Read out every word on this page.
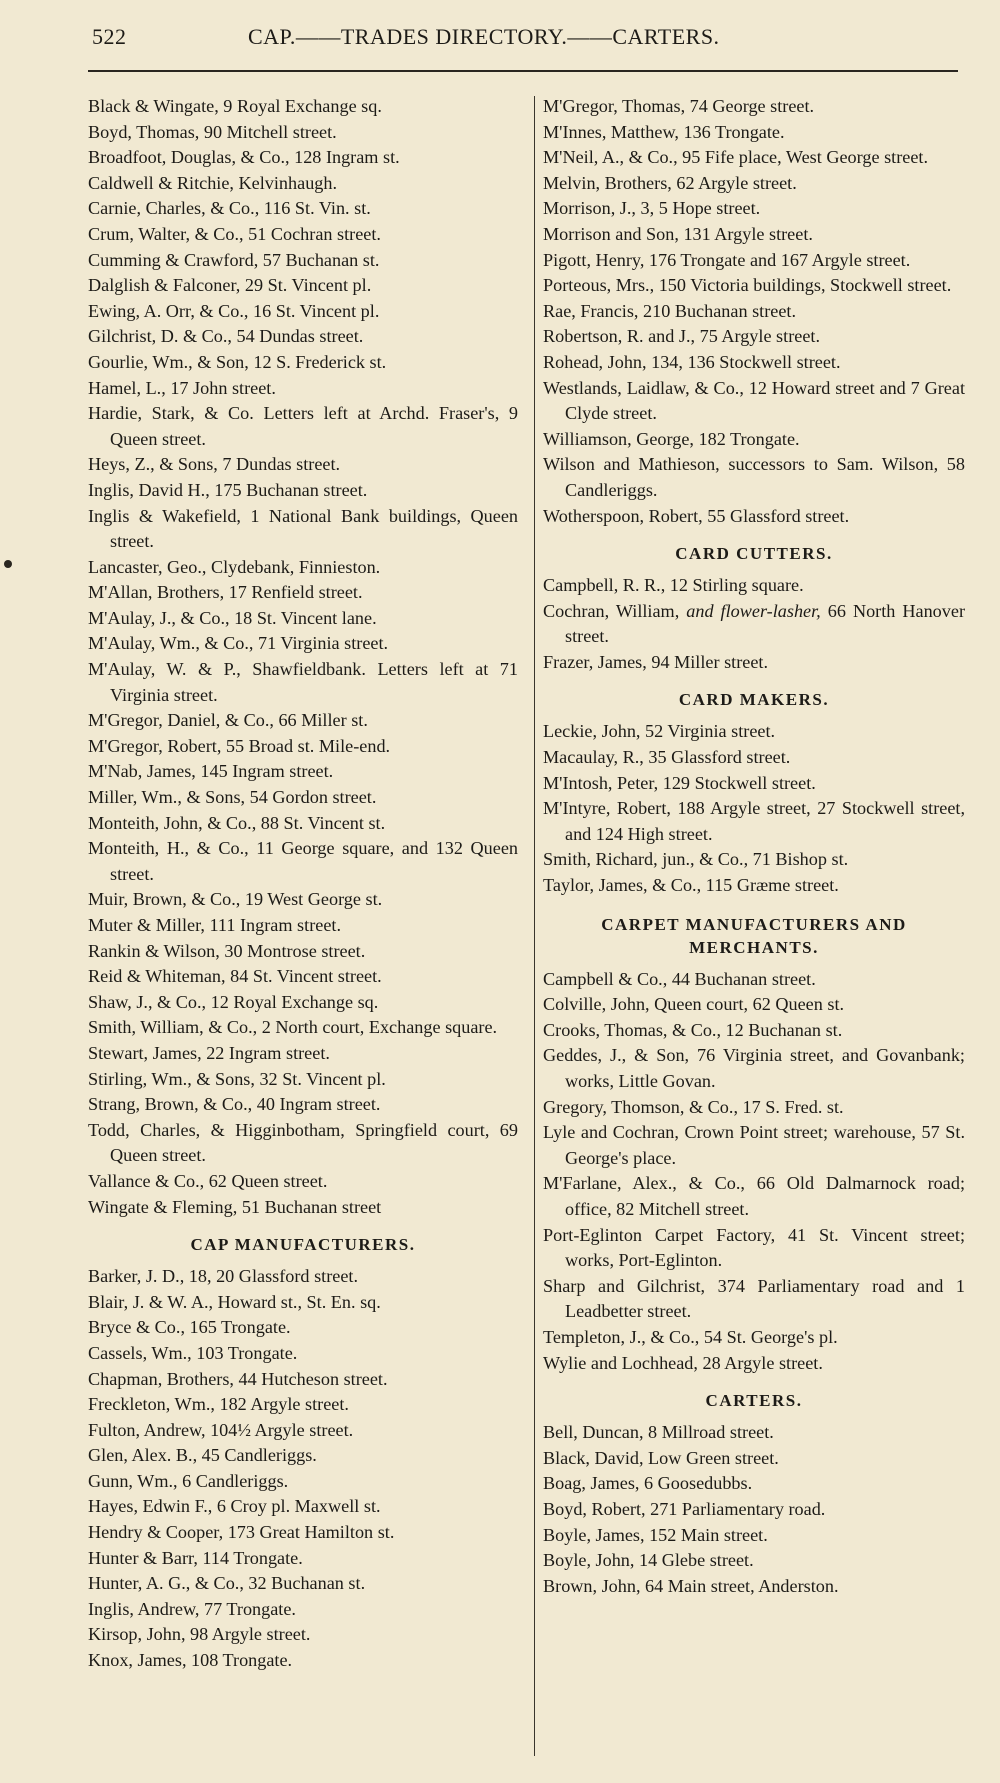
522	CAP.——TRADES DIRECTORY.——CARTERS.

Black & Wingate, 9 Royal Exchange sq.

Boyd, Thomas, 90 Mitchell street.

Broadfoot, Douglas, & Co., 128 Ingram st.

Caldwell & Ritchie, Kelvinhaugh.

Carnie, Charles, & Co., 116 St. Vin. st.

Crum, Walter, & Co., 51 Cochran street.

Cumming & Crawford, 57 Buchanan st.

Dalglish & Falconer, 29 St. Vincent pl.

Ewing, A. Orr, & Co., 16 St. Vincent pl.

Gilchrist, D. & Co., 54 Dundas street.

Gourlie, Wm., & Son, 12 S. Frederick st.

Hamel, L., 17 John street.

Hardie, Stark, & Co. Letters left at Archd. Fraser's, 9 Queen street.

Heys, Z., & Sons, 7 Dundas street.

Inglis, David H., 175 Buchanan street.

Inglis & Wakefield, 1 National Bank buildings, Queen street.

Lancaster, Geo., Clydebank, Finnieston.

M'Allan, Brothers, 17 Renfield street.

M'Aulay, J., & Co., 18 St. Vincent lane.

M'Aulay, Wm., & Co., 71 Virginia street.

M'Aulay, W. & P., Shawfieldbank. Letters left at 71 Virginia street.

M'Gregor, Daniel, & Co., 66 Miller st.

M'Gregor, Robert, 55 Broad st. Mile-end.

M'Nab, James, 145 Ingram street.

Miller, Wm., & Sons, 54 Gordon street.

Monteith, John, & Co., 88 St. Vincent st.

Monteith, H., & Co., 11 George square, and 132 Queen street.

Muir, Brown, & Co., 19 West George st.

Muter & Miller, 111 Ingram street.

Rankin & Wilson, 30 Montrose street.

Reid & Whiteman, 84 St. Vincent street.

Shaw, J., & Co., 12 Royal Exchange sq.

Smith, William, & Co., 2 North court, Exchange square.

Stewart, James, 22 Ingram street.

Stirling, Wm., & Sons, 32 St. Vincent pl.

Strang, Brown, & Co., 40 Ingram street.

Todd, Charles, & Higginbotham, Springfield court, 69 Queen street.

Vallance & Co., 62 Queen street.

Wingate & Fleming, 51 Buchanan street

CAP MANUFACTURERS.

Barker, J. D., 18, 20 Glassford street.

Blair, J. & W. A., Howard st., St. En. sq.

Bryce & Co., 165 Trongate.

Cassels, Wm., 103 Trongate.

Chapman, Brothers, 44 Hutcheson street.

Freckleton, Wm., 182 Argyle street.

Fulton, Andrew, 104½ Argyle street.

Glen, Alex. B., 45 Candleriggs.

Gunn, Wm., 6 Candleriggs.

Hayes, Edwin F., 6 Croy pl. Maxwell st.

Hendry & Cooper, 173 Great Hamilton st.

Hunter & Barr, 114 Trongate.

Hunter, A. G., & Co., 32 Buchanan st.

Inglis, Andrew, 77 Trongate.

Kirsop, John, 98 Argyle street.

Knox, James, 108 Trongate.

M'Gregor, Thomas, 74 George street.

M'Innes, Matthew, 136 Trongate.

M'Neil, A., & Co., 95 Fife place, West George street.

Melvin, Brothers, 62 Argyle street.

Morrison, J., 3, 5 Hope street.

Morrison and Son, 131 Argyle street.

Pigott, Henry, 176 Trongate and 167 Argyle street.

Porteous, Mrs., 150 Victoria buildings, Stockwell street.

Rae, Francis, 210 Buchanan street.

Robertson, R. and J., 75 Argyle street.

Rohead, John, 134, 136 Stockwell street.

Westlands, Laidlaw, & Co., 12 Howard street and 7 Great Clyde street.

Williamson, George, 182 Trongate.

Wilson and Mathieson, successors to Sam. Wilson, 58 Candleriggs.

Wotherspoon, Robert, 55 Glassford street.

CARD CUTTERS.

Campbell, R. R., 12 Stirling square.

Cochran, William, and flower-lasher, 66 North Hanover street.

Frazer, James, 94 Miller street.

CARD MAKERS.

Leckie, John, 52 Virginia street.

Macaulay, R., 35 Glassford street.

M'Intosh, Peter, 129 Stockwell street.

M'Intyre, Robert, 188 Argyle street, 27 Stockwell street, and 124 High street.

Smith, Richard, jun., & Co., 71 Bishop st.

Taylor, James, & Co., 115 Græme street.

CARPET MANUFACTURERS AND
MERCHANTS.

Campbell & Co., 44 Buchanan street.

Colville, John, Queen court, 62 Queen st.

Crooks, Thomas, & Co., 12 Buchanan st.

Geddes, J., & Son, 76 Virginia street, and Govanbank; works, Little Govan.

Gregory, Thomson, & Co., 17 S. Fred. st.

Lyle and Cochran, Crown Point street; warehouse, 57 St. George's place.

M'Farlane, Alex., & Co., 66 Old Dalmarnock road; office, 82 Mitchell street.

Port-Eglinton Carpet Factory, 41 St. Vincent street; works, Port-Eglinton.

Sharp and Gilchrist, 374 Parliamentary road and 1 Leadbetter street.

Templeton, J., & Co., 54 St. George's pl.

Wylie and Lochhead, 28 Argyle street.

CARTERS.

Bell, Duncan, 8 Millroad street.

Black, David, Low Green street.

Boag, James, 6 Goosedubbs.

Boyd, Robert, 271 Parliamentary road.

Boyle, James, 152 Main street.

Boyle, John, 14 Glebe street.

Brown, John, 64 Main street, Anderston.
